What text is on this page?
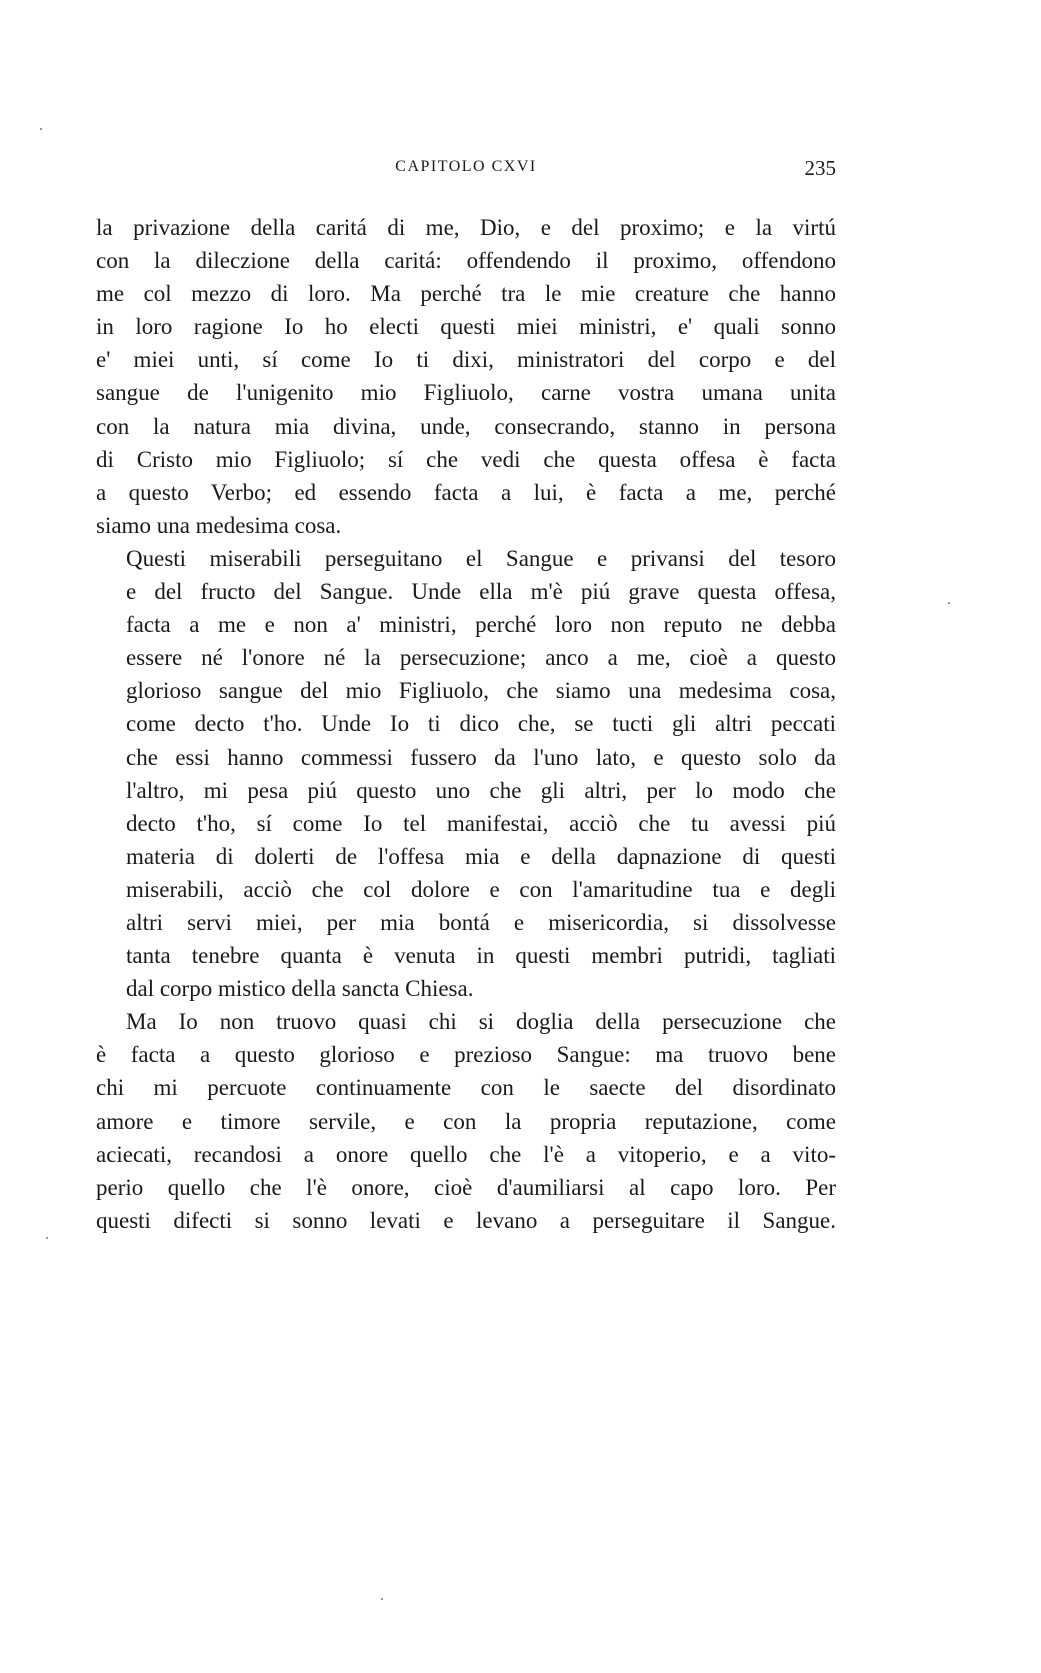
CAPITOLO CXVI	235
la privazione della caritá di me, Dio, e del proximo; e la virtú
con la dileczione della caritá: offendendo il proximo, offendono
me col mezzo di loro. Ma perché tra le mie creature che hanno
in loro ragione Io ho electi questi miei ministri, e' quali sonno
e' miei unti, sí come Io ti dixi, ministratori del corpo e del
sangue de l'unigenito mio Figliuolo, carne vostra umana unita
con la natura mia divina, unde, consecrando, stanno in persona
di Cristo mio Figliuolo; sí che vedi che questa offesa è facta
a questo Verbo; ed essendo facta a lui, è facta a me, perché
siamo una medesima cosa.
Questi miserabili perseguitano el Sangue e privansi del tesoro
e del fructo del Sangue. Unde ella m'è piú grave questa offesa,
facta a me e non a' ministri, perché loro non reputo ne debba
essere né l'onore né la persecuzione; anco a me, cioè a questo
glorioso sangue del mio Figliuolo, che siamo una medesima cosa,
come decto t'ho. Unde Io ti dico che, se tucti gli altri peccati
che essi hanno commessi fussero da l'uno lato, e questo solo da
l'altro, mi pesa piú questo uno che gli altri, per lo modo che
decto t'ho, sí come Io tel manifestai, acciò che tu avessi piú
materia di dolerti de l'offesa mia e della dapnazione di questi
miserabili, acciò che col dolore e con l'amaritudine tua e degli
altri servi miei, per mia bontá e misericordia, si dissolvesse
tanta tenebre quanta è venuta in questi membri putridi, tagliati
dal corpo mistico della sancta Chiesa.
Ma Io non truovo quasi chi si doglia della persecuzione che
è facta a questo glorioso e prezioso Sangue: ma truovo bene
chi mi percuote continuamente con le saecte del disordinato
amore e timore servile, e con la propria reputazione, come
aciecati, recandosi a onore quello che l'è a vitoperio, e a vito-
perio quello che l'è onore, cioè d'aumiliarsi al capo loro. Per
questi difecti si sonno levati e levano a perseguitare il Sangue.
